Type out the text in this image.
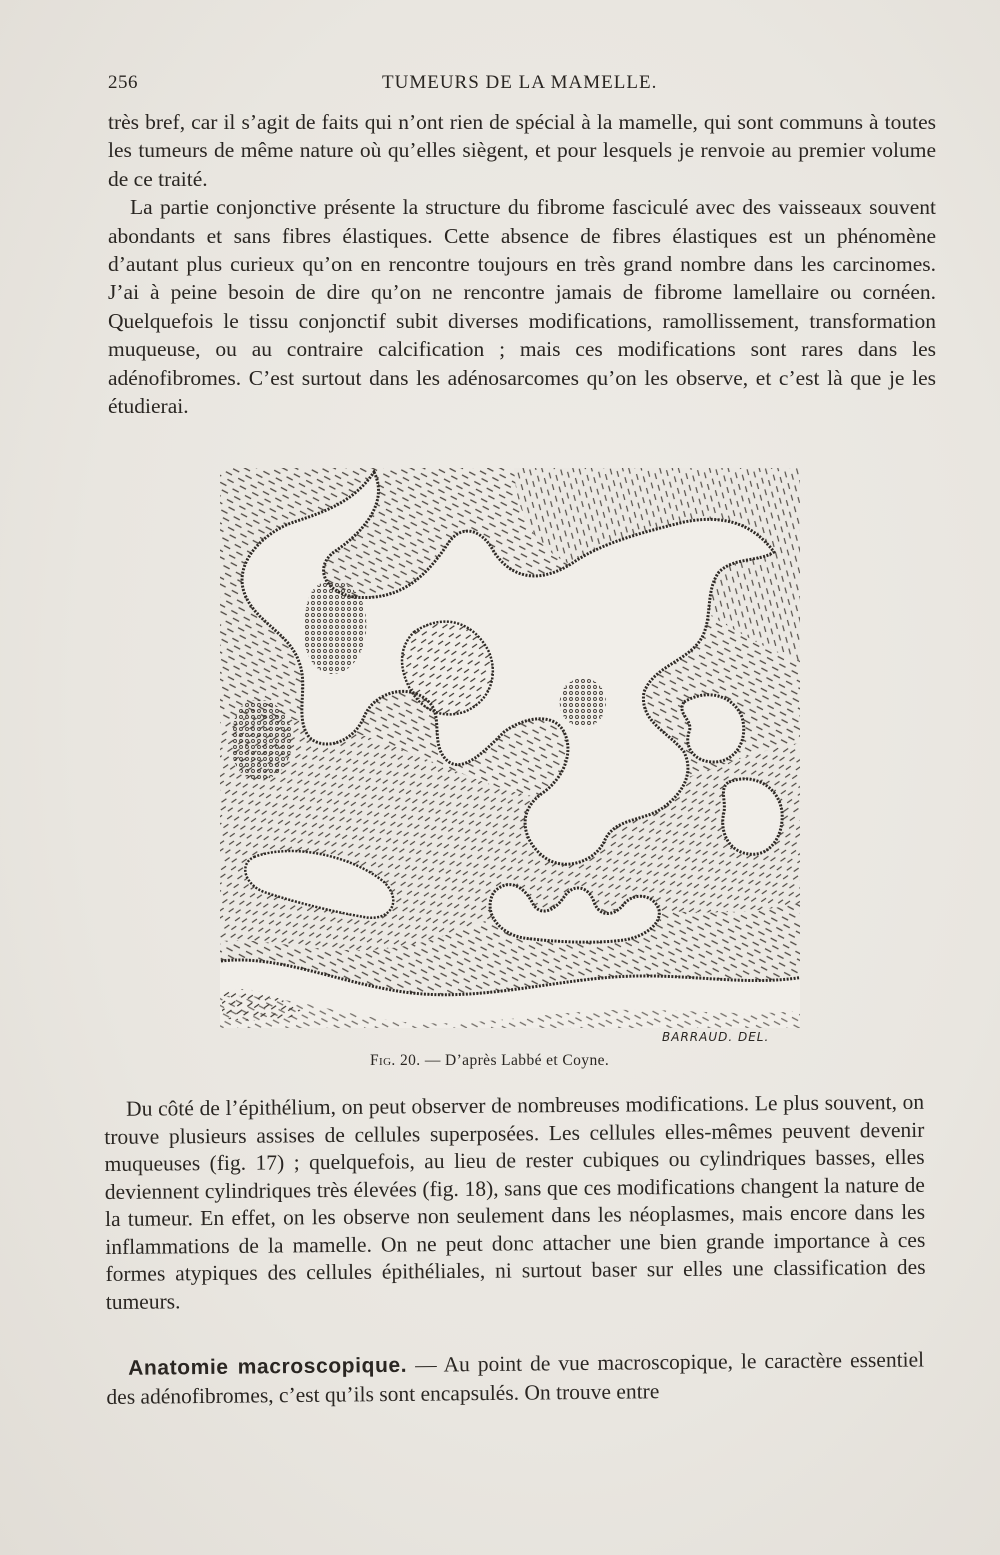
256	TUMEURS DE LA MAMELLE.

très bref, car il s’agit de faits qui n’ont rien de spécial à la mamelle, qui sont communs à toutes les tumeurs de même nature où qu’elles siègent, et pour lesquels je renvoie au premier volume de ce traité.

La partie conjonctive présente la structure du fibrome fasciculé avec des vaisseaux souvent abondants et sans fibres élastiques. Cette absence de fibres élastiques est un phénomène d’autant plus curieux qu’on en rencontre toujours en très grand nombre dans les carcinomes. J’ai à peine besoin de dire qu’on ne rencontre jamais de fibrome lamellaire ou cornéen. Quelquefois le tissu conjonctif subit diverses modifications, ramollissement, transformation muqueuse, ou au contraire calcification ; mais ces modifications sont rares dans les adénofibromes. C’est surtout dans les adénosarcomes qu’on les observe, et c’est là que je les étudierai.

BARRAUD. DEL.
Fig. 20. — D’après Labbé et Coyne.

Du côté de l’épithélium, on peut observer de nombreuses modifications. Le plus souvent, on trouve plusieurs assises de cellules superposées. Les cellules elles-mêmes peuvent devenir muqueuses (fig. 17) ; quelquefois, au lieu de rester cubiques ou cylindriques basses, elles deviennent cylindriques très élevées (fig. 18), sans que ces modifications changent la nature de la tumeur. En effet, on les observe non seulement dans les néoplasmes, mais encore dans les inflammations de la mamelle. On ne peut donc attacher une bien grande importance à ces formes atypiques des cellules épithéliales, ni surtout baser sur elles une classification des tumeurs.

Anatomie macroscopique. — Au point de vue macroscopique, le caractère essentiel des adénofibromes, c’est qu’ils sont encapsulés. On trouve entre
